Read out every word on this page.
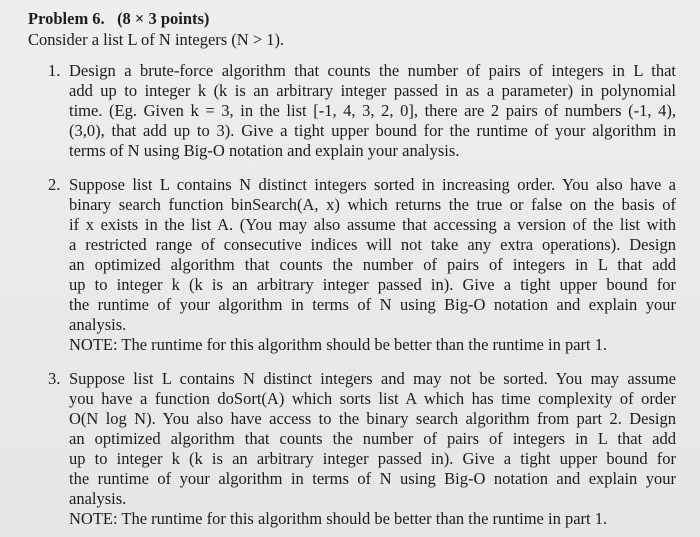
Problem 6. (8 × 3 points)
Consider a list L of N integers (N > 1).
1. Design a brute-force algorithm that counts the number of pairs of integers in L that
add up to integer k (k is an arbitrary integer passed in as a parameter) in polynomial
time. (Eg. Given k = 3, in the list [-1, 4, 3, 2, 0], there are 2 pairs of numbers (-1, 4),
(3,0), that add up to 3). Give a tight upper bound for the runtime of your algorithm in
terms of N using Big-O notation and explain your analysis.
2. Suppose list L contains N distinct integers sorted in increasing order. You also have a
binary search function binSearch(A, x) which returns the true or false on the basis of
if x exists in the list A. (You may also assume that accessing a version of the list with
a restricted range of consecutive indices will not take any extra operations). Design
an optimized algorithm that counts the number of pairs of integers in L that add
up to integer k (k is an arbitrary integer passed in). Give a tight upper bound for
the runtime of your algorithm in terms of N using Big-O notation and explain your
analysis.
NOTE: The runtime for this algorithm should be better than the runtime in part 1.
3. Suppose list L contains N distinct integers and may not be sorted. You may assume
you have a function doSort(A) which sorts list A which has time complexity of order
O(N log N). You also have access to the binary search algorithm from part 2. Design
an optimized algorithm that counts the number of pairs of integers in L that add
up to integer k (k is an arbitrary integer passed in). Give a tight upper bound for
the runtime of your algorithm in terms of N using Big-O notation and explain your
analysis.
NOTE: The runtime for this algorithm should be better than the runtime in part 1.
